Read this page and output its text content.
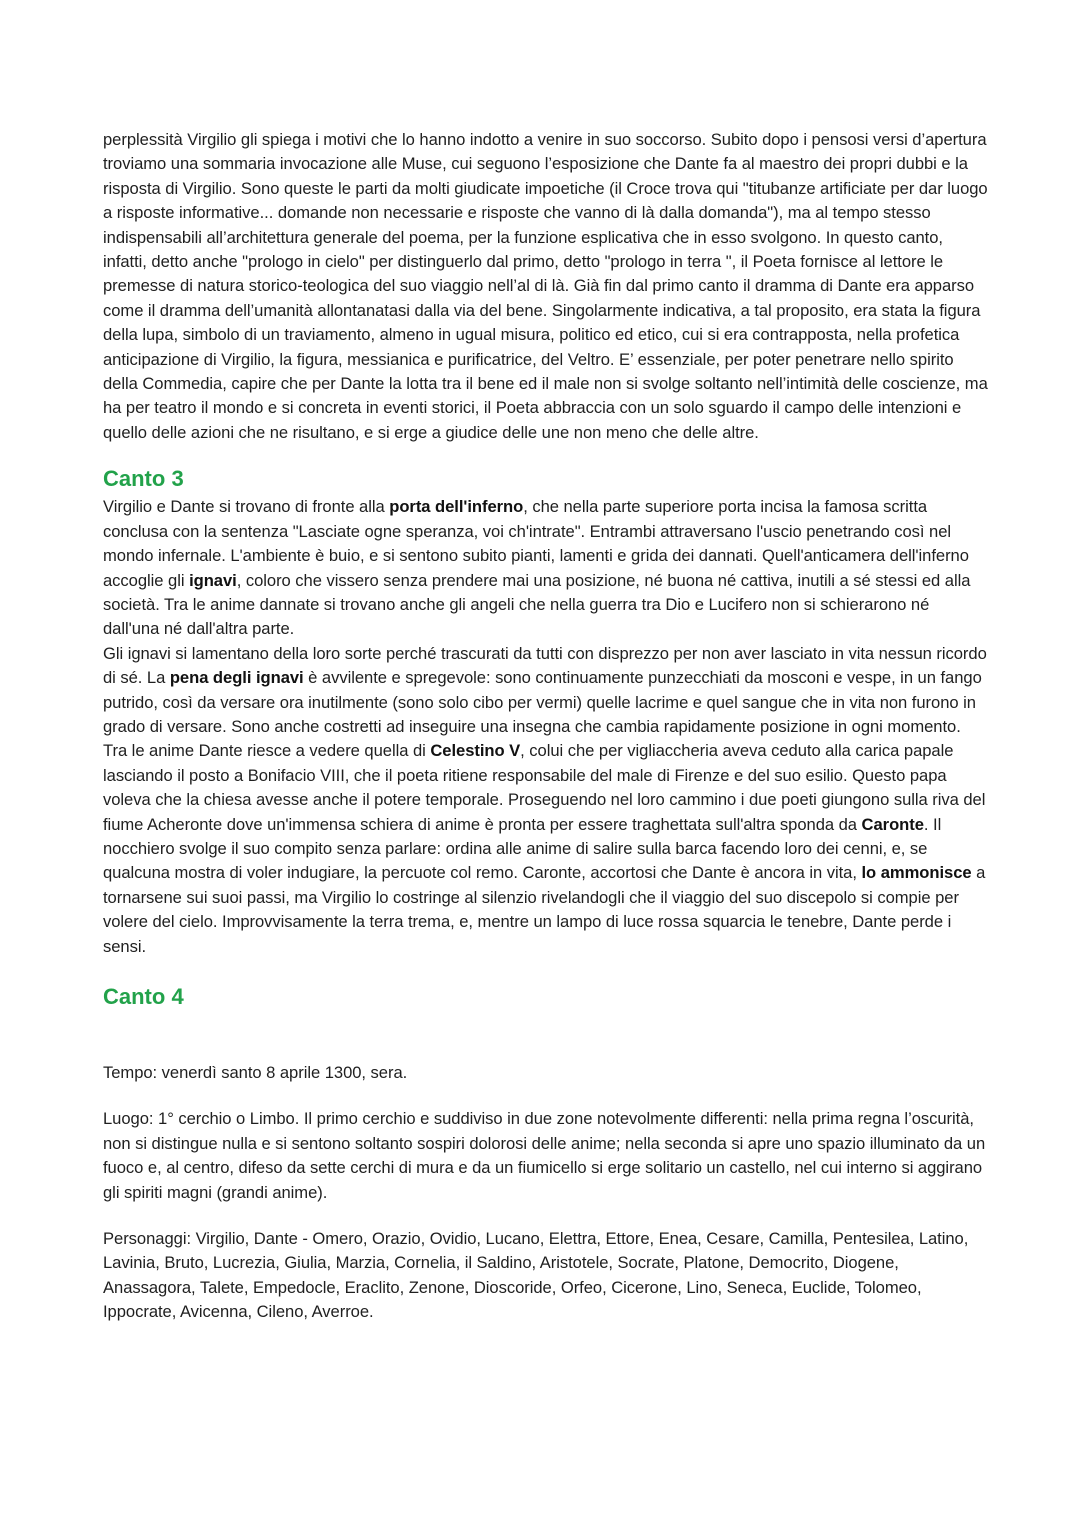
perplessità Virgilio gli spiega i motivi che lo hanno indotto a venire in suo soccorso. Subito dopo i pensosi versi d’apertura troviamo una sommaria invocazione alle Muse, cui seguono l’esposizione che Dante fa al maestro dei propri dubbi e la risposta di Virgilio. Sono queste le parti da molti giudicate impoetiche (il Croce trova qui "titubanze artificiate per dar luogo a risposte informative... domande non necessarie e risposte che vanno di là dalla domanda"), ma al tempo stesso indispensabili all’architettura generale del poema, per la funzione esplicativa che in esso svolgono. In questo canto, infatti, detto anche "prologo in cielo" per distinguerlo dal primo, detto "prologo in terra ", il Poeta fornisce al lettore le premesse di natura storico-teologica del suo viaggio nell’al di là. Già fin dal primo canto il dramma di Dante era apparso come il dramma dell’umanità allontanatasi dalla via del bene. Singolarmente indicativa, a tal proposito, era stata la figura della lupa, simbolo di un traviamento, almeno in ugual misura, politico ed etico, cui si era contrapposta, nella profetica anticipazione di Virgilio, la figura, messianica e purificatrice, del Veltro. E’ essenziale, per poter penetrare nello spirito della Commedia, capire che per Dante la lotta tra il bene ed il male non si svolge soltanto nell’intimità delle coscienze, ma ha per teatro il mondo e si concreta in eventi storici, il Poeta abbraccia con un solo sguardo il campo delle intenzioni e quello delle azioni che ne risultano, e si erge a giudice delle une non meno che delle altre.

Canto 3

Virgilio e Dante si trovano di fronte alla porta dell'inferno, che nella parte superiore porta incisa la famosa scritta conclusa con la sentenza "Lasciate ogne speranza, voi ch'intrate". Entrambi attraversano l'uscio penetrando così nel mondo infernale. L'ambiente è buio, e si sentono subito pianti, lamenti e grida dei dannati. Quell'anticamera dell'inferno accoglie gli ignavi, coloro che vissero senza prendere mai una posizione, né buona né cattiva, inutili a sé stessi ed alla società. Tra le anime dannate si trovano anche gli angeli che nella guerra tra Dio e Lucifero non si schierarono né dall'una né dall'altra parte.

Gli ignavi si lamentano della loro sorte perché trascurati da tutti con disprezzo per non aver lasciato in vita nessun ricordo di sé. La pena degli ignavi è avvilente e spregevole: sono continuamente punzecchiati da mosconi e vespe, in un fango putrido, così da versare ora inutilmente (sono solo cibo per vermi) quelle lacrime e quel sangue che in vita non furono in grado di versare. Sono anche costretti ad inseguire una insegna che cambia rapidamente posizione in ogni momento. Tra le anime Dante riesce a vedere quella di Celestino V, colui che per vigliaccheria aveva ceduto alla carica papale lasciando il posto a Bonifacio VIII, che il poeta ritiene responsabile del male di Firenze e del suo esilio. Questo papa voleva che la chiesa avesse anche il potere temporale. Proseguendo nel loro cammino i due poeti giungono sulla riva del fiume Acheronte dove un'immensa schiera di anime è pronta per essere traghettata sull'altra sponda da Caronte. Il nocchiero svolge il suo compito senza parlare: ordina alle anime di salire sulla barca facendo loro dei cenni, e, se qualcuna mostra di voler indugiare, la percuote col remo. Caronte, accortosi che Dante è ancora in vita, lo ammonisce a tornarsene sui suoi passi, ma Virgilio lo costringe al silenzio rivelandogli che il viaggio del suo discepolo si compie per volere del cielo. Improvvisamente la terra trema, e, mentre un lampo di luce rossa squarcia le tenebre, Dante perde i sensi.

Canto 4

Tempo: venerdì santo 8 aprile 1300, sera.

Luogo: 1° cerchio o Limbo. Il primo cerchio e suddiviso in due zone notevolmente differenti: nella prima regna l’oscurità, non si distingue nulla e si sentono soltanto sospiri dolorosi delle anime; nella seconda si apre uno spazio illuminato da un fuoco e, al centro, difeso da sette cerchi di mura e da un fiumicello si erge solitario un castello, nel cui interno si aggirano gli spiriti magni (grandi anime).

Personaggi: Virgilio, Dante - Omero, Orazio, Ovidio, Lucano, Elettra, Ettore, Enea, Cesare, Camilla, Pentesilea, Latino, Lavinia, Bruto, Lucrezia, Giulia, Marzia, Cornelia, il Saldino, Aristotele, Socrate, Platone, Democrito, Diogene, Anassagora, Talete, Empedocle, Eraclito, Zenone, Dioscoride, Orfeo, Cicerone, Lino, Seneca, Euclide, Tolomeo, Ippocrate, Avicenna, Cileno, Averroe.
